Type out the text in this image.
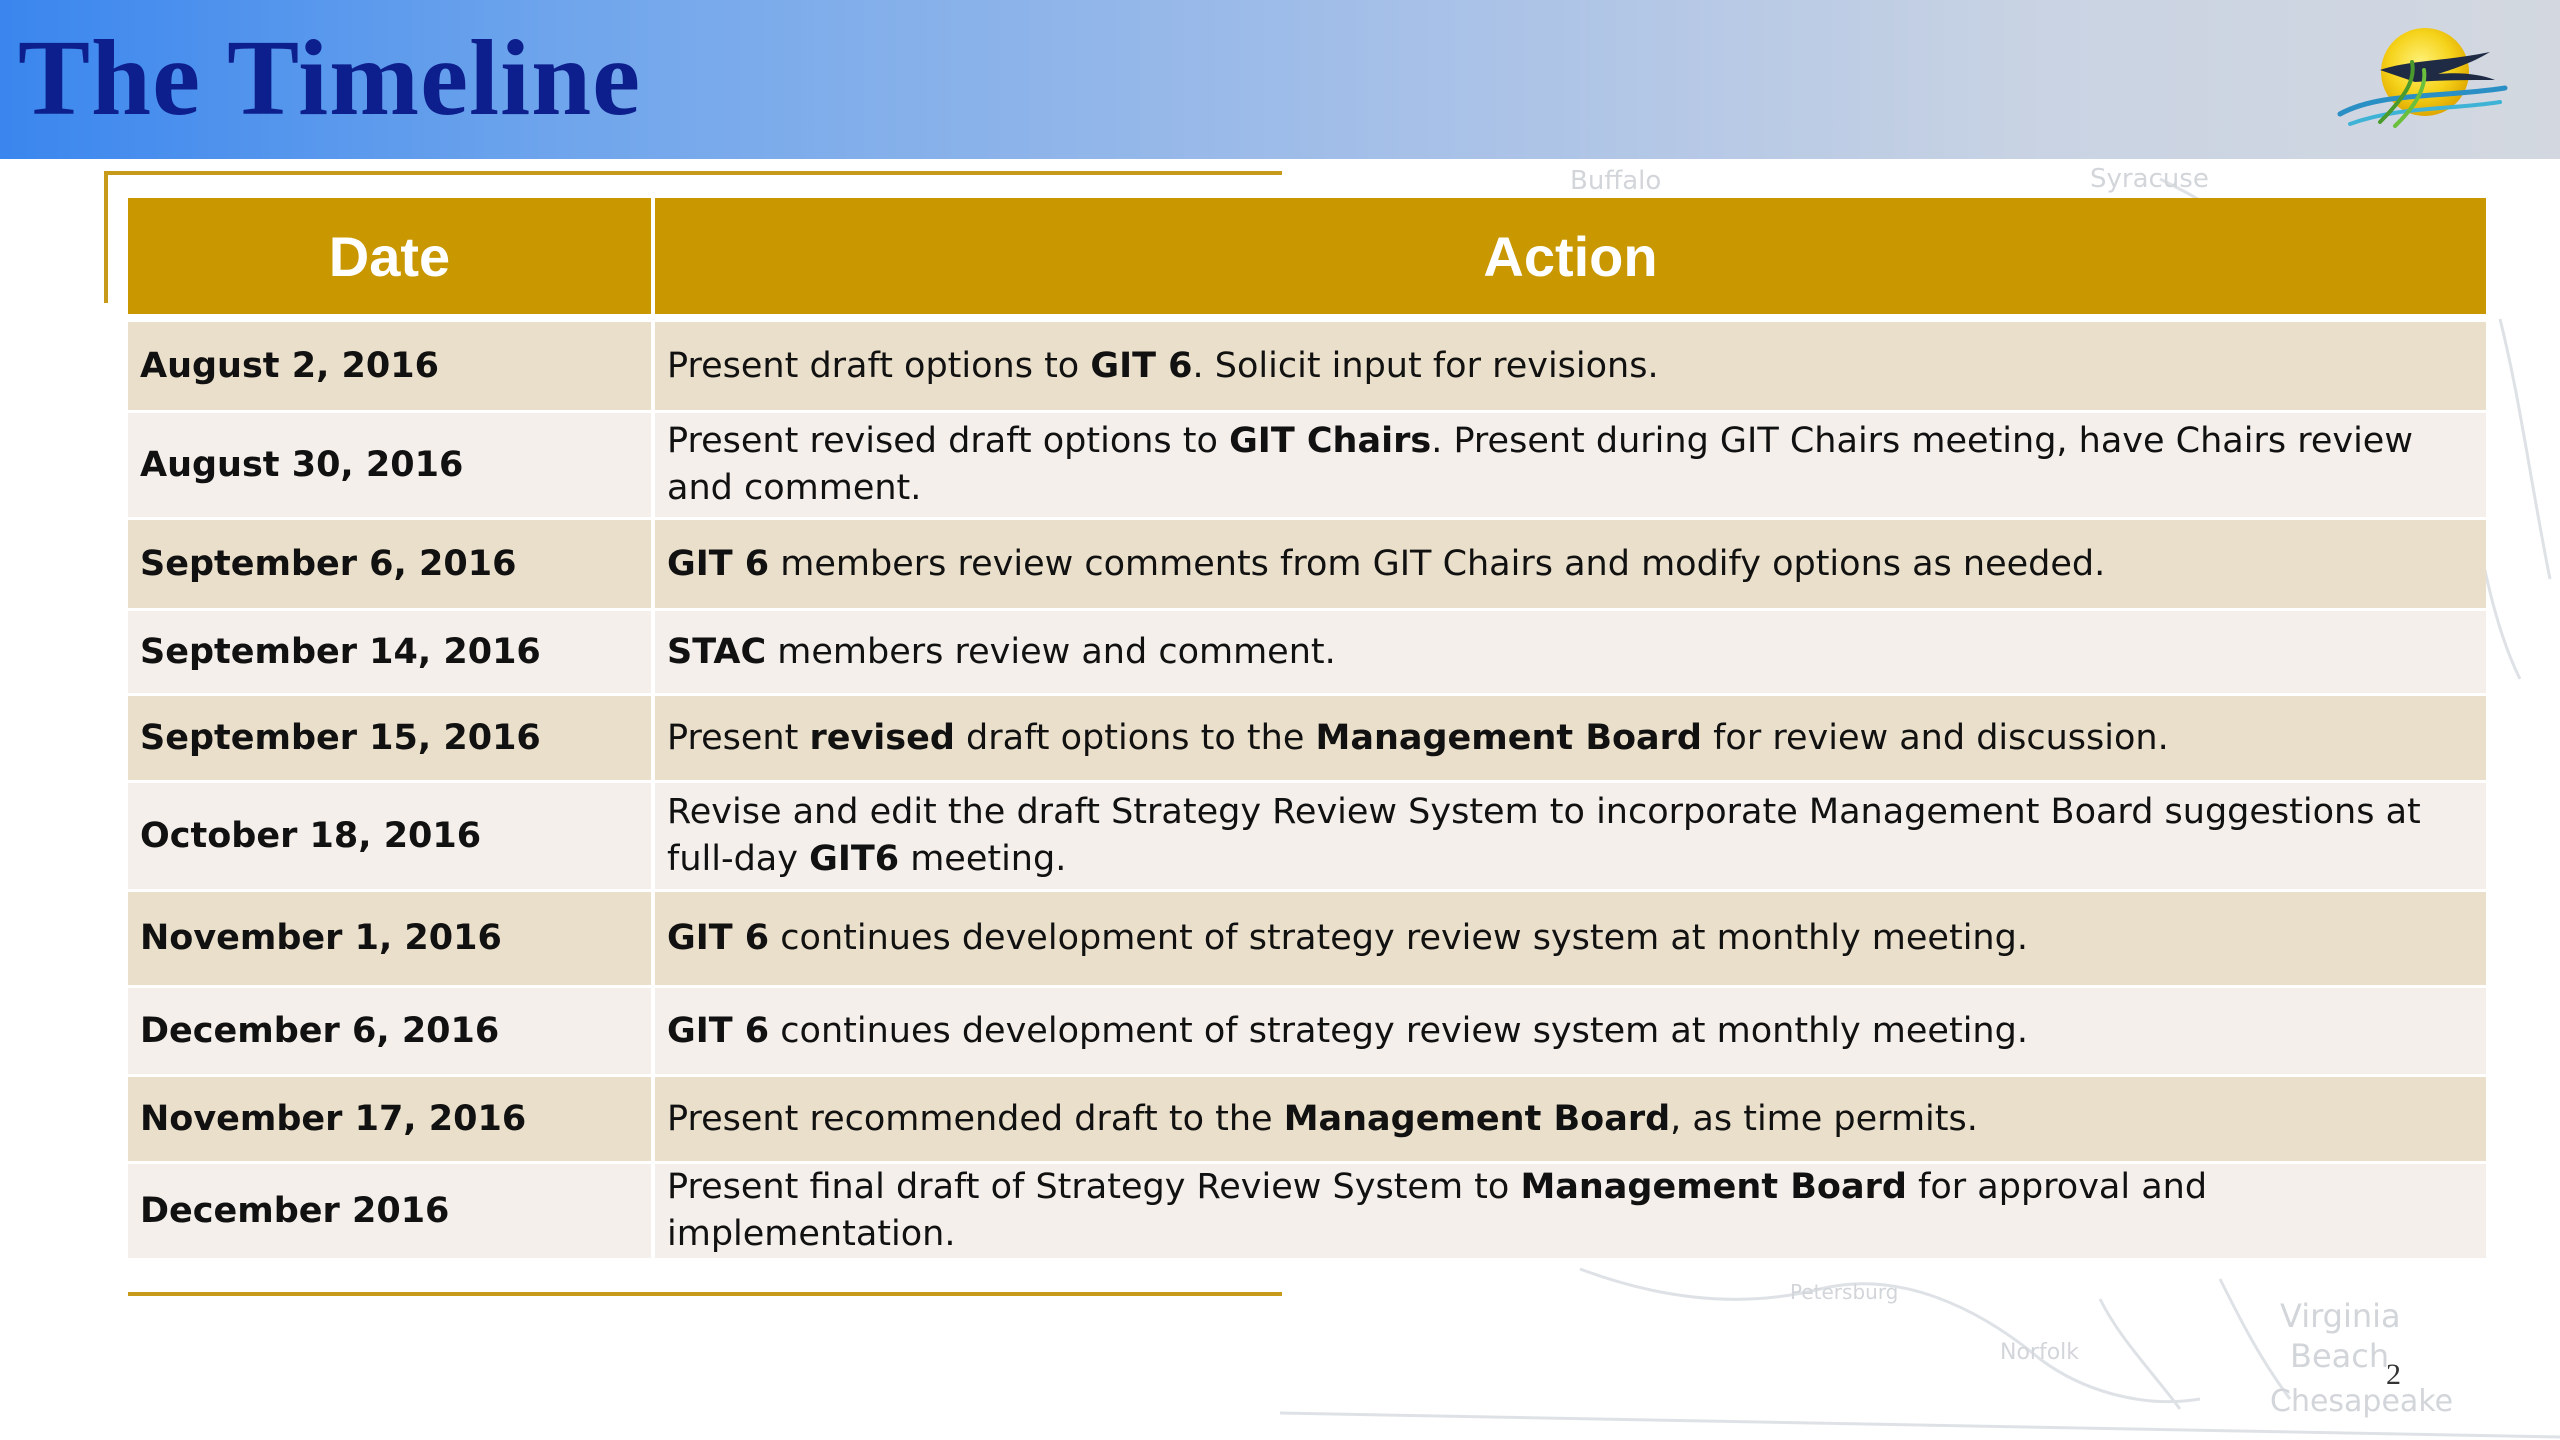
The Timeline
Buffalo	Syracuse
Virginia
Beach
Chesapeake
Norfolk
Petersburg
Date	Action
August 2, 2016	Present draft options to GIT 6. Solicit input for revisions.
August 30, 2016	Present revised draft options to GIT Chairs. Present during GIT Chairs meeting, have Chairs review and comment.
September 6, 2016	GIT 6 members review comments from GIT Chairs and modify options as needed.
September 14, 2016	STAC members review and comment.
September 15, 2016	Present revised draft options to the Management Board for review and discussion.
October 18, 2016	Revise and edit the draft Strategy Review System to incorporate Management Board suggestions at full-day GIT6 meeting.
November 1, 2016	GIT 6 continues development of strategy review system at monthly meeting.
December 6, 2016	GIT 6 continues development of strategy review system at monthly meeting.
November 17, 2016	Present recommended draft to the Management Board, as time permits.
December 2016	Present final draft of Strategy Review System to Management Board for approval and implementation.
2
